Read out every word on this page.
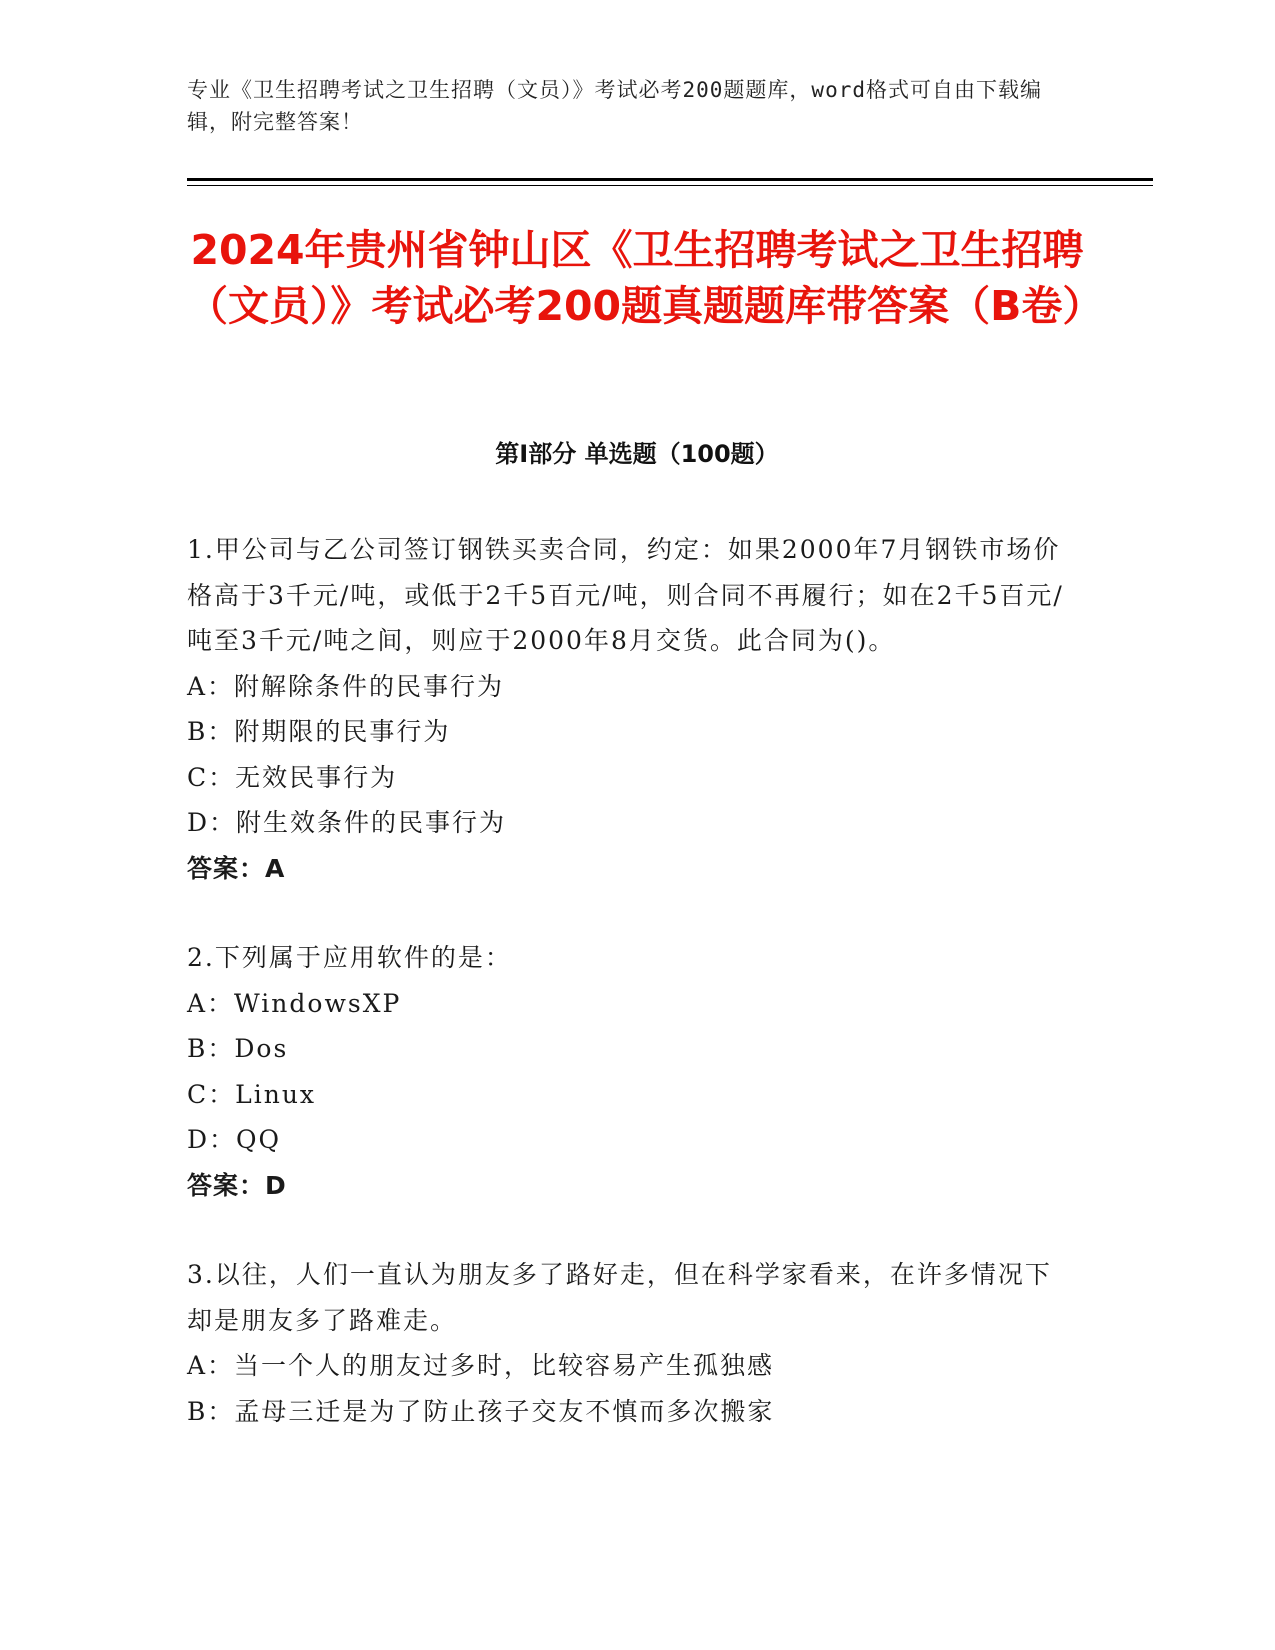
专业《卫生招聘考试之卫生招聘（文员）》考试必考200题题库，word格式可自由下载编辑，附完整答案！
2024年贵州省钟山区《卫生招聘考试之卫生招聘（文员）》考试必考200题真题题库带答案（B卷）
第Ⅰ部分 单选题（100题）

1.甲公司与乙公司签订钢铁买卖合同，约定：如果2000年7月钢铁市场价格高于3千元/吨，或低于2千5百元/吨，则合同不再履行；如在2千5百元/吨至3千元/吨之间，则应于2000年8月交货。此合同为()。

A：附解除条件的民事行为

B：附期限的民事行为

C：无效民事行为

D：附生效条件的民事行为

答案：A

2.下列属于应用软件的是：

A：WindowsXP

B：Dos

C：Linux

D：QQ

答案：D

3.以往，人们一直认为朋友多了路好走，但在科学家看来，在许多情况下却是朋友多了路难走。

A：当一个人的朋友过多时，比较容易产生孤独感

B：孟母三迁是为了防止孩子交友不慎而多次搬家
